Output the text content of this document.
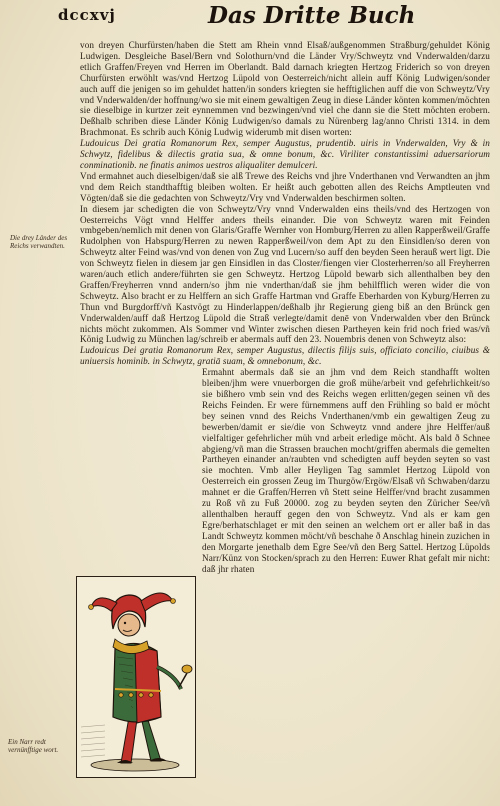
dccxvj	Das Dritte Buch
Die drey Länder des Reichs verwandten.
Ein Narr redt vernünfftige wort.

von dreyen Churfürsten/haben die Stett am Rhein vnnd Elsaß/außgenommen Straßburg/gehuldet König Ludwigen. Desgleiche Basel/Bern vnd Solothurn/vnd die Länder Vry/Schweytz vnd Vnderwalden/darzu etlich Graffen/Freyen vnd Herren im Oberlandt. Bald darnach kriegten Hertzog Friderich so von dreyen Churfürsten erwöhlt was/vnd Hertzog Lüpold von Oesterreich/nicht allein auff König Ludwigen/sonder auch auff die jenigen so im gehuldet hatten/in sonders kriegten sie hefftiglichen auff die von Schweytz/Vry vnd Vnderwalden/der hoffnung/wo sie mit einem gewaltigen Zeug in diese Länder könten kommen/möchten sie dieselbige in kurtzer zeit eynnemmen vnd bezwingen/vnd viel che dann sie die Stett möchten erobern. Deßhalb schriben diese Länder König Ludwigen/so damals zu Nürenberg lag/anno Christi 1314. in dem Brachmonat. Es schrib auch König Ludwig widerumb mit disen worten:

Ludouicus Dei gratia Romanorum Rex, semper Augustus, prudentib. uiris in Vnderwalden, Vry & in Schwytz, fidelibus & dilectis gratia sua, & omne bonum, &c. Viriliter constantissimi aduersariorum conminationib. ne finatis animos uestros aliqualiter demulceri.

Vnd ermahnet auch dieselbigen/daß sie alß Trewe des Reichs vnd jhre Vnderthanen vnd Verwandten an jhm vnd dem Reich standthafftig bleiben wolten. Er heißt auch gebotten allen des Reichs Amptleuten vnd Vögten/daß sie die gedachten von Schweytz/Vry vnd Vnderwalden beschirmen solten.

In diesem jar schedigten die von Schweytz/Vry vnnd Vnderwalden eins theils/vnd des Hertzogen von Oesterreichs Vögt vnnd Helffer anders theils einander. Die von Schweytz waren mit Feinden vmbgeben/nemlich mit denen von Glaris/Graffe Wernher von Homburg/Herren zu allen Rapperßweil/Graffe Rudolphen von Habspurg/Herren zu newen Rapperßweil/von dem Apt zu den Einsidlen/so deren von Schweytz alter Feind was/vnd von denen von Zug vnd Lucern/so auff den beyden Seen herauß wert ligt. Die von Schweytz fielen in diesem jar gen Einsidlen in das Closter/fiengen vier Closterherren/so all Freyherren waren/auch etlich andere/führten sie gen Schweytz. Hertzog Lüpold bewarb sich allenthalben bey den Graffen/Freyherren vnnd andern/so jhm nie vnderthan/daß sie jhm behilfflich weren wider die von Schweytz. Also bracht er zu Helffern an sich Graffe Hartman vnd Graffe Eberharden von Kyburg/Herren zu Thun vnd Burgdorff/vñ Kastvögt zu Hinderlappen/deßhalb jhr Regierung gieng biß an den Brünck gen Vnderwalden/auff daß Hertzog Lüpold die Straß verlegte/damit denē von Vnderwalden vber den Brünck nichts möcht zukommen. Als Sommer vnd Winter zwischen diesen Partheyen kein frid noch fried was/vñ König Ludwig zu München lag/schreib er abermals auff den 23. Nouembris denen von Schweytz also:

Ludouicus Dei gratia Romanorum Rex, semper Augustus, dilectis filijs suis, officiato concilio, ciuibus & uniuersis hominib. in Schwytz, gratiā suam, & omnebonum, &c.

Ermahnt abermals daß sie an jhm vnd dem Reich standhafft wolten bleiben/jhm were vnuerborgen die groß mühe/arbeit vnd gefehrlichkeit/so sie bißhero vmb sein vnd des Reichs wegen erlitten/gegen seinen vñ des Reichs Feinden. Er were fürnemmens auff den Frühling so bald er möcht bey seinen vnnd des Reichs Vnderthanen/vmb ein gewaltigen Zeug zu bewerben/damit er sie/die von Schweytz vnnd andere jhre Helffer/auß vielfaltiger gefehrlicher müh vnd arbeit erledige möcht. Als bald ð Schnee abgieng/vñ man die Strassen brauchen mocht/griffen abermals die gemelten Partheyen einander an/raubten vnd schedigten auff beyden seyten so vast sie mochten. Vmb aller Heyligen Tag sammlet Hertzog Lüpold von Oesterreich ein grossen Zeug im Thurgöw/Ergöw/Elsaß vñ Schwaben/darzu mahnet er die Graffen/Herren vñ Stett seine Helffer/vnd bracht zusammen zu Roß vñ zu Fuß 20000. zog zu beyden seyten den Züricher See/vñ allenthalben herauff gegen den von Schweytz. Vnd als er kam gen Egre/berhatschlaget er mit den seinen an welchem ort er aller baß in das Landt Schweytz kommen möcht/vñ beschahe ð Anschlag hinein zuzichen in den Morgarte jenethalb dem Egre See/vñ den Berg Sattel. Hertzog Lüpolds Narr/Künz von Stocken/sprach zu den Herren: Euwer Rhat gefalt mir nicht: daß jhr rhaten
